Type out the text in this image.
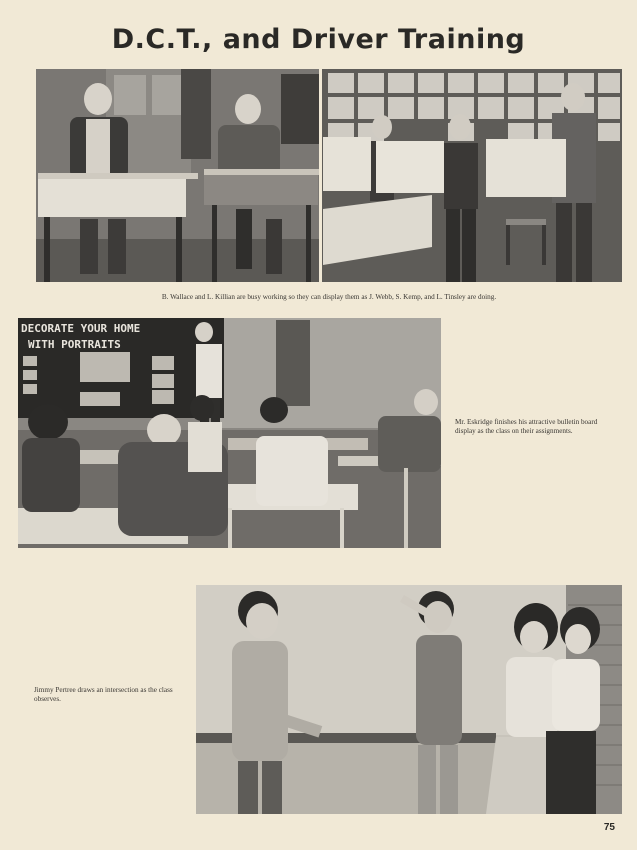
D.C.T., and Driver Training
B. Wallace and L. Killian are busy working so they can display them as J. Webb, S. Kemp, and L. Tinsley are doing.
DECORATE YOUR HOME
WITH PORTRAITS
Mr. Eskridge finishes his attractive bulletin board display as the class on their assignments.
Jimmy Pertree draws an intersection as the class observes.
75
